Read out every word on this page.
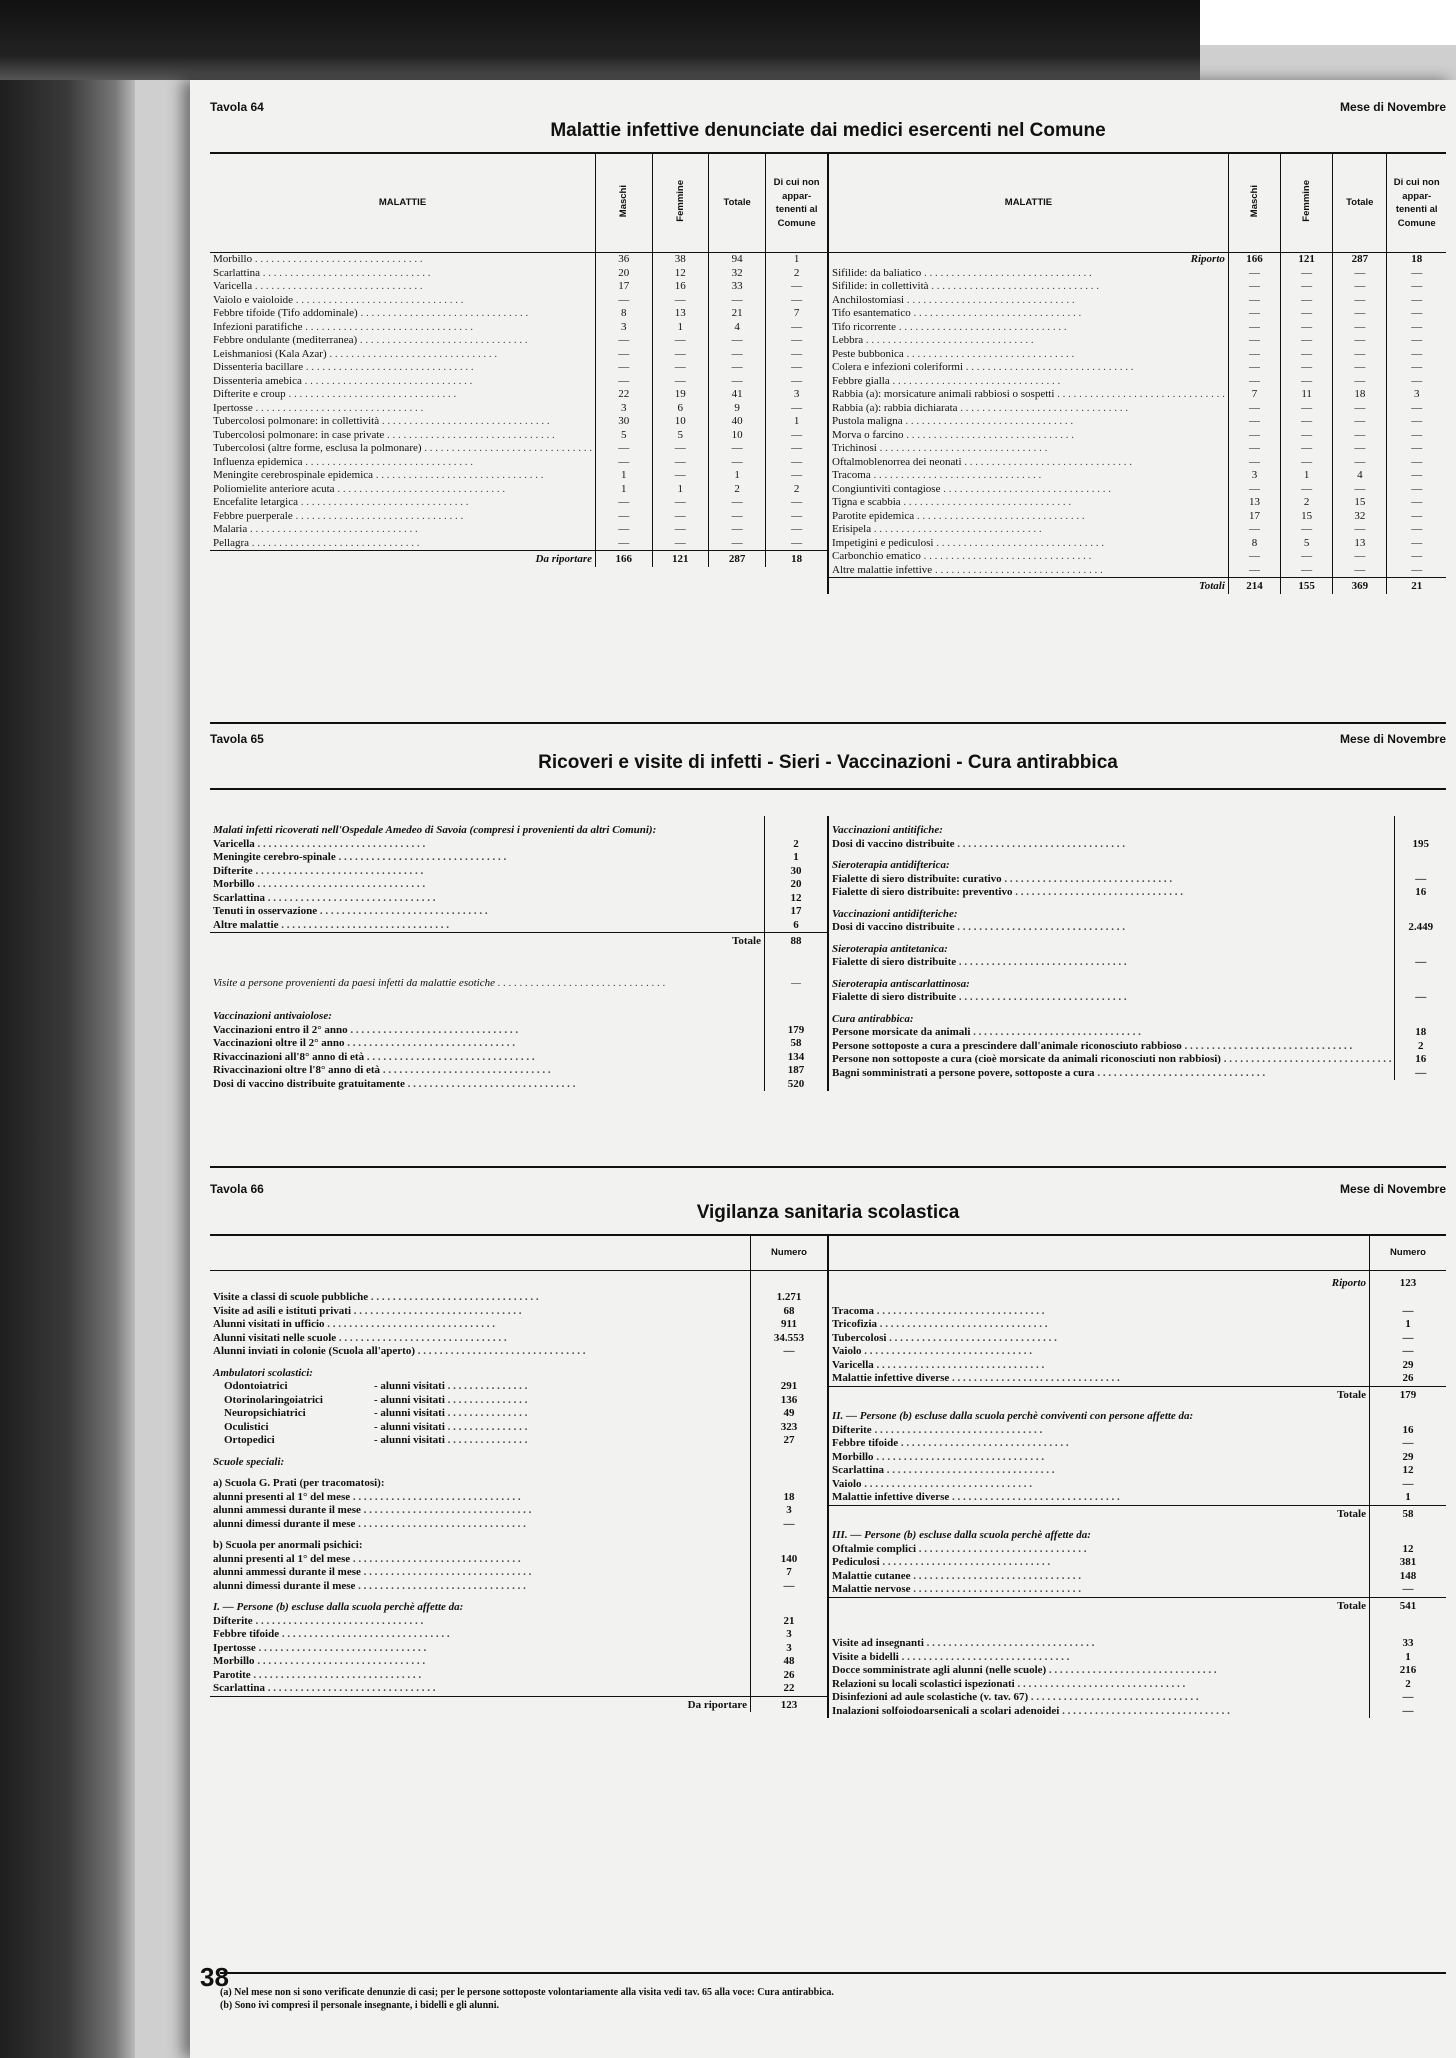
Tavola 64	Mese di Novembre
Malattie infettive denunciate dai medici esercenti nel Comune
MALATTIE	Maschi	Femmine	Totale	Di cui non appar- tenenti al Comune
Morbillo . . . . . . . . . . . . . . . . . . . . . . . . . . . . . . .	36	38	94	1
Scarlattina . . . . . . . . . . . . . . . . . . . . . . . . . . . . . . .	20	12	32	2
Varicella . . . . . . . . . . . . . . . . . . . . . . . . . . . . . . .	17	16	33	—
Vaiolo e vaioloide . . . . . . . . . . . . . . . . . . . . . . . . . . . . . . .	—	—	—	—
Febbre tifoide (Tifo addominale) . . . . . . . . . . . . . . . . . . . . . . . . . . . . . . .	8	13	21	7
Infezioni paratifiche . . . . . . . . . . . . . . . . . . . . . . . . . . . . . . .	3	1	4	—
Febbre ondulante (mediterranea) . . . . . . . . . . . . . . . . . . . . . . . . . . . . . . .	—	—	—	—
Leishmaniosi (Kala Azar) . . . . . . . . . . . . . . . . . . . . . . . . . . . . . . .	—	—	—	—
Dissenteria bacillare . . . . . . . . . . . . . . . . . . . . . . . . . . . . . . .	—	—	—	—
Dissenteria amebica . . . . . . . . . . . . . . . . . . . . . . . . . . . . . . .	—	—	—	—
Difterite e croup . . . . . . . . . . . . . . . . . . . . . . . . . . . . . . .	22	19	41	3
Ipertosse . . . . . . . . . . . . . . . . . . . . . . . . . . . . . . .	3	6	9	—
Tubercolosi polmonare: in collettività . . . . . . . . . . . . . . . . . . . . . . . . . . . . . . .	30	10	40	1
Tubercolosi polmonare: in case private . . . . . . . . . . . . . . . . . . . . . . . . . . . . . . .	5	5	10	—
Tubercolosi (altre forme, esclusa la polmonare) . . . . . . . . . . . . . . . . . . . . . . . . . . . . . . .	—	—	—	—
Influenza epidemica . . . . . . . . . . . . . . . . . . . . . . . . . . . . . . .	—	—	—	—
Meningite cerebrospinale epidemica . . . . . . . . . . . . . . . . . . . . . . . . . . . . . . .	1	—	1	—
Poliomielite anteriore acuta . . . . . . . . . . . . . . . . . . . . . . . . . . . . . . .	1	1	2	2
Encefalite letargica . . . . . . . . . . . . . . . . . . . . . . . . . . . . . . .	—	—	—	—
Febbre puerperale . . . . . . . . . . . . . . . . . . . . . . . . . . . . . . .	—	—	—	—
Malaria . . . . . . . . . . . . . . . . . . . . . . . . . . . . . . .	—	—	—	—
Pellagra . . . . . . . . . . . . . . . . . . . . . . . . . . . . . . .	—	—	—	—
Da riportare	166	121	287	18
MALATTIE	Maschi	Femmine	Totale	Di cui non appar- tenenti al Comune
Riporto	166	121	287	18
Sifilide: da baliatico . . . . . . . . . . . . . . . . . . . . . . . . . . . . . . .	—	—	—	—
Sifilide: in collettività . . . . . . . . . . . . . . . . . . . . . . . . . . . . . . .	—	—	—	—
Anchilostomiasi . . . . . . . . . . . . . . . . . . . . . . . . . . . . . . .	—	—	—	—
Tifo esantematico . . . . . . . . . . . . . . . . . . . . . . . . . . . . . . .	—	—	—	—
Tifo ricorrente . . . . . . . . . . . . . . . . . . . . . . . . . . . . . . .	—	—	—	—
Lebbra . . . . . . . . . . . . . . . . . . . . . . . . . . . . . . .	—	—	—	—
Peste bubbonica . . . . . . . . . . . . . . . . . . . . . . . . . . . . . . .	—	—	—	—
Colera e infezioni coleriformi . . . . . . . . . . . . . . . . . . . . . . . . . . . . . . .	—	—	—	—
Febbre gialla . . . . . . . . . . . . . . . . . . . . . . . . . . . . . . .	—	—	—	—
Rabbia (a): morsicature animali rabbiosi o sospetti . . . . . . . . . . . . . . . . . . . . . . . . . . . . . . .	7	11	18	3
Rabbia (a): rabbia dichiarata . . . . . . . . . . . . . . . . . . . . . . . . . . . . . . .	—	—	—	—
Pustola maligna . . . . . . . . . . . . . . . . . . . . . . . . . . . . . . .	—	—	—	—
Morva o farcino . . . . . . . . . . . . . . . . . . . . . . . . . . . . . . .	—	—	—	—
Trichinosi . . . . . . . . . . . . . . . . . . . . . . . . . . . . . . .	—	—	—	—
Oftalmoblenorrea dei neonati . . . . . . . . . . . . . . . . . . . . . . . . . . . . . . .	—	—	—	—
Tracoma . . . . . . . . . . . . . . . . . . . . . . . . . . . . . . .	3	1	4	—
Congiuntiviti contagiose . . . . . . . . . . . . . . . . . . . . . . . . . . . . . . .	—	—	—	—
Tigna e scabbia . . . . . . . . . . . . . . . . . . . . . . . . . . . . . . .	13	2	15	—
Parotite epidemica . . . . . . . . . . . . . . . . . . . . . . . . . . . . . . .	17	15	32	—
Erisipela . . . . . . . . . . . . . . . . . . . . . . . . . . . . . . .	—	—	—	—
Impetigini e pediculosi . . . . . . . . . . . . . . . . . . . . . . . . . . . . . . .	8	5	13	—
Carbonchio ematico . . . . . . . . . . . . . . . . . . . . . . . . . . . . . . .	—	—	—	—
Altre malattie infettive . . . . . . . . . . . . . . . . . . . . . . . . . . . . . . .	—	—	—	—
Totali	214	155	369	21
Tavola 65	Mese di Novembre
Ricoveri e visite di infetti - Sieri - Vaccinazioni - Cura antirabbica
Malati infetti ricoverati nell'Ospedale Amedeo di Savoia (compresi i provenienti da altri Comuni):	
Varicella . . . . . . . . . . . . . . . . . . . . . . . . . . . . . . .	2
Meningite cerebro-spinale . . . . . . . . . . . . . . . . . . . . . . . . . . . . . . .	1
Difterite . . . . . . . . . . . . . . . . . . . . . . . . . . . . . . .	30
Morbillo . . . . . . . . . . . . . . . . . . . . . . . . . . . . . . .	20
Scarlattina . . . . . . . . . . . . . . . . . . . . . . . . . . . . . . .	12
Tenuti in osservazione . . . . . . . . . . . . . . . . . . . . . . . . . . . . . . .	17
Altre malattie . . . . . . . . . . . . . . . . . . . . . . . . . . . . . . .	6
Totale	88

Visite a persone provenienti da paesi infetti da malattie esotiche . . . . . . . . . . . . . . . . . . . . . . . . . . . . . . .	—

Vaccinazioni antivaiolose:	
Vaccinazioni entro il 2° anno . . . . . . . . . . . . . . . . . . . . . . . . . . . . . . .	179
Vaccinazioni oltre il 2° anno . . . . . . . . . . . . . . . . . . . . . . . . . . . . . . .	58
Rivaccinazioni all'8° anno di età . . . . . . . . . . . . . . . . . . . . . . . . . . . . . . .	134
Rivaccinazioni oltre l'8° anno di età . . . . . . . . . . . . . . . . . . . . . . . . . . . . . . .	187
Dosi di vaccino distribuite gratuitamente . . . . . . . . . . . . . . . . . . . . . . . . . . . . . . .	520
Vaccinazioni antitifiche:	
Dosi di vaccino distribuite . . . . . . . . . . . . . . . . . . . . . . . . . . . . . . .	195
Sieroterapia antidifterica:	
Fialette di siero distribuite: curativo . . . . . . . . . . . . . . . . . . . . . . . . . . . . . . .	—
Fialette di siero distribuite: preventivo . . . . . . . . . . . . . . . . . . . . . . . . . . . . . . .	16
Vaccinazioni antidifteriche:	
Dosi di vaccino distribuite . . . . . . . . . . . . . . . . . . . . . . . . . . . . . . .	2.449
Sieroterapia antitetanica:	
Fialette di siero distribuite . . . . . . . . . . . . . . . . . . . . . . . . . . . . . . .	—
Sieroterapia antiscarlattinosa:	
Fialette di siero distribuite . . . . . . . . . . . . . . . . . . . . . . . . . . . . . . .	—
Cura antirabbica:	
Persone morsicate da animali . . . . . . . . . . . . . . . . . . . . . . . . . . . . . . .	18
Persone sottoposte a cura a prescindere dall'animale riconosciuto rabbioso . . . . . . . . . . . . . . . . . . . . . . . . . . . . . . .	2
Persone non sottoposte a cura (cioè morsicate da animali riconosciuti non rabbiosi) . . . . . . . . . . . . . . . . . . . . . . . . . . . . . . .	16
Bagni somministrati a persone povere, sottoposte a cura . . . . . . . . . . . . . . . . . . . . . . . . . . . . . . .	—
Tavola 66	Mese di Novembre
Vigilanza sanitaria scolastica
	Numero

Visite a classi di scuole pubbliche . . . . . . . . . . . . . . . . . . . . . . . . . . . . . . .	1.271
Visite ad asili e istituti privati . . . . . . . . . . . . . . . . . . . . . . . . . . . . . . .	68
Alunni visitati in ufficio . . . . . . . . . . . . . . . . . . . . . . . . . . . . . . .	911
Alunni visitati nelle scuole . . . . . . . . . . . . . . . . . . . . . . . . . . . . . . .	34.553
Alunni inviati in colonie (Scuola all'aperto) . . . . . . . . . . . . . . . . . . . . . . . . . . . . . . .	—
Ambulatori scolastici:	
Odontoiatrici - alunni visitati . . . . . . . . . . . . . . .	291
Otorinolaringoiatrici - alunni visitati . . . . . . . . . . . . . . .	136
Neuropsichiatrici - alunni visitati . . . . . . . . . . . . . . .	49
Oculistici - alunni visitati . . . . . . . . . . . . . . .	323
Ortopedici - alunni visitati . . . . . . . . . . . . . . .	27
Scuole speciali:	
a) Scuola G. Prati (per tracomatosi):	
alunni presenti al 1° del mese . . . . . . . . . . . . . . . . . . . . . . . . . . . . . . .	18
alunni ammessi durante il mese . . . . . . . . . . . . . . . . . . . . . . . . . . . . . . .	3
alunni dimessi durante il mese . . . . . . . . . . . . . . . . . . . . . . . . . . . . . . .	—
b) Scuola per anormali psichici:	
alunni presenti al 1° del mese . . . . . . . . . . . . . . . . . . . . . . . . . . . . . . .	140
alunni ammessi durante il mese . . . . . . . . . . . . . . . . . . . . . . . . . . . . . . .	7
alunni dimessi durante il mese . . . . . . . . . . . . . . . . . . . . . . . . . . . . . . .	—
I. — Persone (b) escluse dalla scuola perchè affette da:	
Difterite . . . . . . . . . . . . . . . . . . . . . . . . . . . . . . .	21
Febbre tifoide . . . . . . . . . . . . . . . . . . . . . . . . . . . . . . .	3
Ipertosse . . . . . . . . . . . . . . . . . . . . . . . . . . . . . . .	3
Morbillo . . . . . . . . . . . . . . . . . . . . . . . . . . . . . . .	48
Parotite . . . . . . . . . . . . . . . . . . . . . . . . . . . . . . .	26
Scarlattina . . . . . . . . . . . . . . . . . . . . . . . . . . . . . . .	22
Da riportare	123
	Numero

Riporto	123

Tracoma . . . . . . . . . . . . . . . . . . . . . . . . . . . . . . .	—
Tricofizia . . . . . . . . . . . . . . . . . . . . . . . . . . . . . . .	1
Tubercolosi . . . . . . . . . . . . . . . . . . . . . . . . . . . . . . .	—
Vaiolo . . . . . . . . . . . . . . . . . . . . . . . . . . . . . . .	—
Varicella . . . . . . . . . . . . . . . . . . . . . . . . . . . . . . .	29
Malattie infettive diverse . . . . . . . . . . . . . . . . . . . . . . . . . . . . . . .	26
Totale	179
II. — Persone (b) escluse dalla scuola perchè conviventi con persone affette da:	
Difterite . . . . . . . . . . . . . . . . . . . . . . . . . . . . . . .	16
Febbre tifoide . . . . . . . . . . . . . . . . . . . . . . . . . . . . . . .	—
Morbillo . . . . . . . . . . . . . . . . . . . . . . . . . . . . . . .	29
Scarlattina . . . . . . . . . . . . . . . . . . . . . . . . . . . . . . .	12
Vaiolo . . . . . . . . . . . . . . . . . . . . . . . . . . . . . . .	—
Malattie infettive diverse . . . . . . . . . . . . . . . . . . . . . . . . . . . . . . .	1
Totale	58
III. — Persone (b) escluse dalla scuola perchè affette da:	
Oftalmie complici . . . . . . . . . . . . . . . . . . . . . . . . . . . . . . .	12
Pediculosi . . . . . . . . . . . . . . . . . . . . . . . . . . . . . . .	381
Malattie cutanee . . . . . . . . . . . . . . . . . . . . . . . . . . . . . . .	148
Malattie nervose . . . . . . . . . . . . . . . . . . . . . . . . . . . . . . .	—
Totale	541

Visite ad insegnanti . . . . . . . . . . . . . . . . . . . . . . . . . . . . . . .	33
Visite a bidelli . . . . . . . . . . . . . . . . . . . . . . . . . . . . . . .	1
Docce somministrate agli alunni (nelle scuole) . . . . . . . . . . . . . . . . . . . . . . . . . . . . . . .	216
Relazioni su locali scolastici ispezionati . . . . . . . . . . . . . . . . . . . . . . . . . . . . . . .	2
Disinfezioni ad aule scolastiche (v. tav. 67) . . . . . . . . . . . . . . . . . . . . . . . . . . . . . . .	—
Inalazioni solfoiodoarsenicali a scolari adenoidei . . . . . . . . . . . . . . . . . . . . . . . . . . . . . . .	—
(a) Nel mese non si sono verificate denunzie di casi; per le persone sottoposte volontariamente alla visita vedi tav. 65 alla voce: Cura antirabbica.
(b) Sono ivi compresi il personale insegnante, i bidelli e gli alunni.
38
